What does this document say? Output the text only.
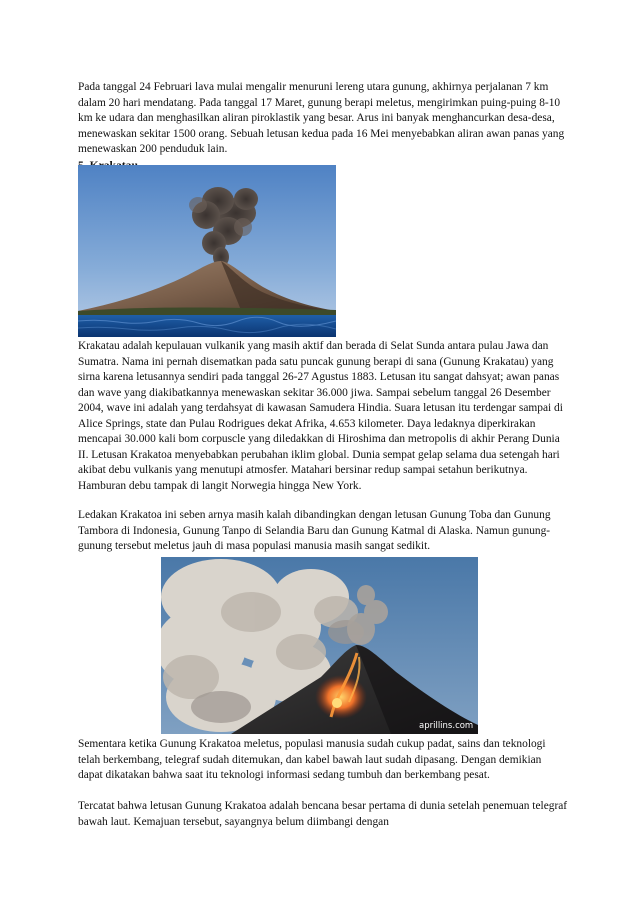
Pada tanggal 24 Februari lava mulai mengalir menuruni lereng utara gunung, akhirnya perjalanan 7 km dalam 20 hari mendatang. Pada tanggal 17 Maret, gunung berapi meletus, mengirimkan puing-puing 8-10 km ke udara dan menghasilkan aliran piroklastik yang besar. Arus ini banyak menghancurkan desa-desa, menewaskan sekitar 1500 orang. Sebuah letusan kedua pada 16 Mei menyebabkan aliran awan panas yang menewaskan 200 penduduk lain.

Krakatau adalah kepulauan vulkanik yang masih aktif dan berada di Selat Sunda antara pulau Jawa dan Sumatra. Nama ini pernah disematkan pada satu puncak gunung berapi di sana (Gunung Krakatau) yang sirna karena letusannya sendiri pada tanggal 26-27 Agustus 1883. Letusan itu sangat dahsyat; awan panas dan wave yang diakibatkannya menewaskan sekitar 36.000 jiwa. Sampai sebelum tanggal 26 Desember 2004, wave ini adalah yang terdahsyat di kawasan Samudera Hindia. Suara letusan itu terdengar sampai di Alice Springs, state dan Pulau Rodrigues dekat Afrika, 4.653 kilometer. Daya ledaknya diperkirakan mencapai 30.000 kali bom corpuscle yang diledakkan di Hiroshima dan metropolis di akhir Perang Dunia II. Letusan Krakatoa menyebabkan perubahan iklim global. Dunia sempat gelap selama dua setengah hari akibat debu vulkanis yang menutupi atmosfer. Matahari bersinar redup sampai setahun berikutnya. Hamburan debu tampak di langit Norwegia hingga New York.

Ledakan Krakatoa ini seben arnya masih kalah dibandingkan dengan letusan Gunung Toba dan Gunung Tambora di Indonesia, Gunung Tanpo di Selandia Baru dan Gunung Katmal di Alaska. Namun gunung-gunung tersebut meletus jauh di masa populasi manusia masih sangat sedikit.

aprillins.com

Sementara ketika Gunung Krakatoa meletus, populasi manusia sudah cukup padat, sains dan teknologi telah berkembang, telegraf sudah ditemukan, dan kabel bawah laut sudah dipasang. Dengan demikian dapat dikatakan bahwa saat itu teknologi informasi sedang tumbuh dan berkembang pesat.

Tercatat bahwa letusan Gunung Krakatoa adalah bencana besar pertama di dunia setelah penemuan telegraf bawah laut. Kemajuan tersebut, sayangnya belum diimbangi dengan
